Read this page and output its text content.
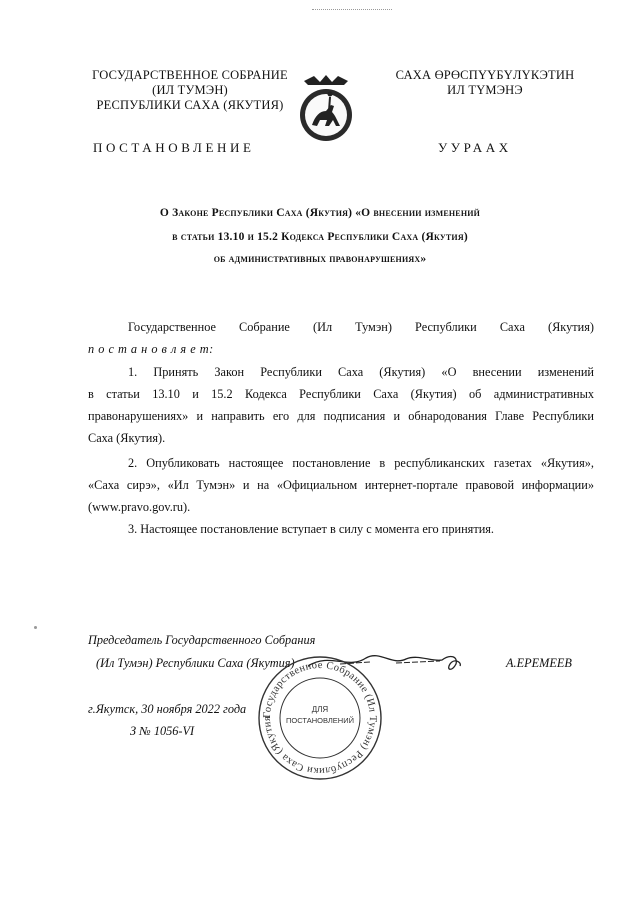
ГОСУДАРСТВЕННОЕ СОБРАНИЕ
(ИЛ ТУМЭН)
РЕСПУБЛИКИ САХА (ЯКУТИЯ)
САХА ӨРӨСПҮҮБҮЛҮКЭТИН
ИЛ ТҮМЭНЭ
ПОСТАНОВЛЕНИЕ	УУРААХ
О Законе Республики Саха (Якутия) «О внесении изменений
в статьи 13.10 и 15.2 Кодекса Республики Саха (Якутия)
об административных правонарушениях»
Государственное Собрание (Ил Тумэн) Республики Саха (Якутия)
п о с т а н о в л я е т:
1. Принять Закон Республики Саха (Якутия) «О внесении изменений
в статьи 13.10 и 15.2 Кодекса Республики Саха (Якутия) об административных
правонарушениях» и направить его для подписания и обнародования Главе Республики
Саха (Якутия).
2. Опубликовать настоящее постановление в республиканских газетах «Якутия»,
«Саха сирэ», «Ил Тумэн» и на «Официальном интернет-портале правовой информации»
(www.pravo.gov.ru).
3. Настоящее постановление вступает в силу с момента его принятия.
Председатель Государственного Собрания
(Ил Тумэн) Республики Саха (Якутия)	А.ЕРЕМЕЕВ
Государственное Собрание (Ил Тумэн) Республики Саха (Якутия
ДЛЯ
ПОСТАНОВЛЕНИЙ
г.Якутск, 30 ноября 2022 года
З № 1056-VI
